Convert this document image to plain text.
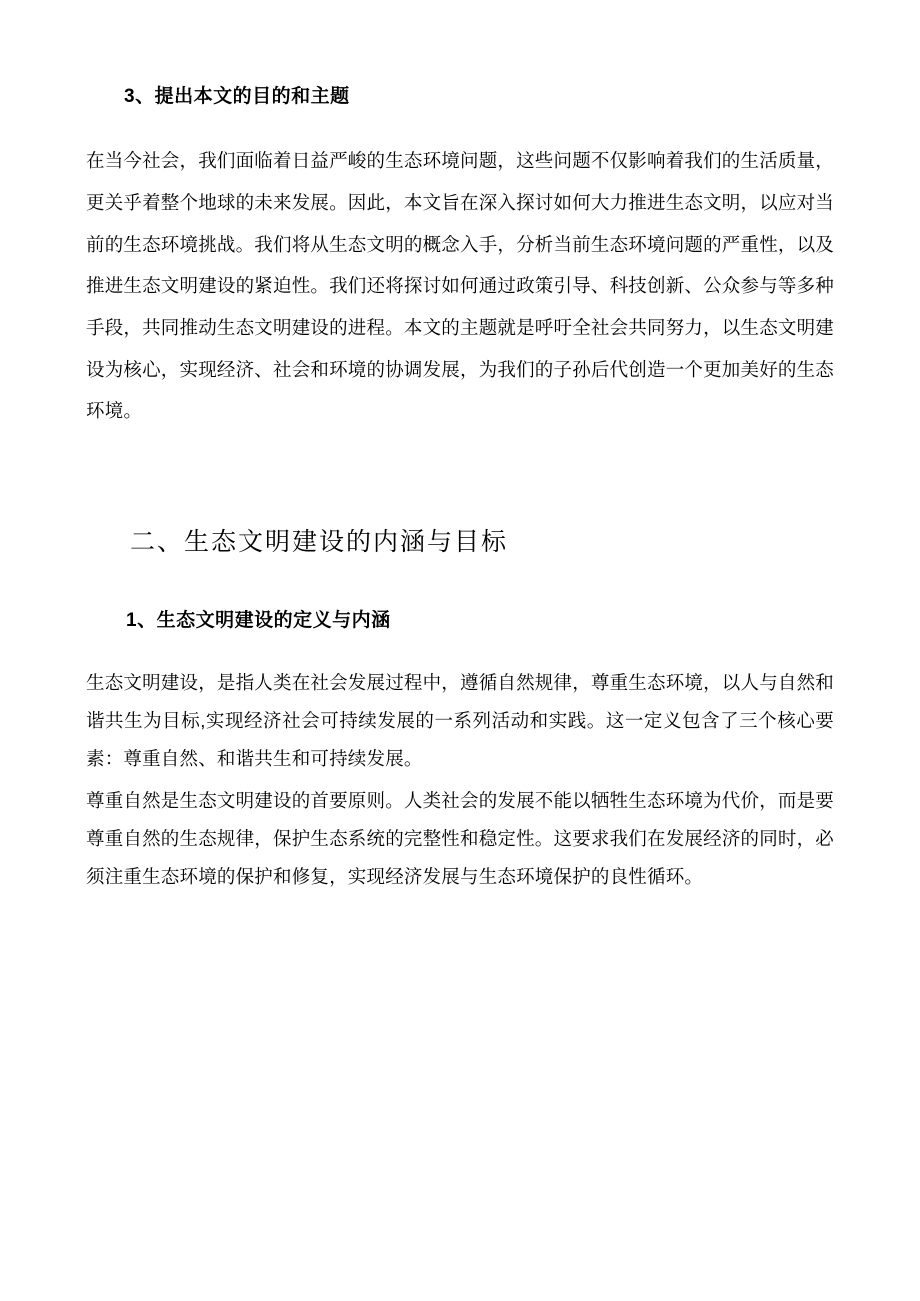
3、提出本文的目的和主题

在当今社会，我们面临着日益严峻的生态环境问题，这些问题不仅影响着我们的生活质量，更关乎着整个地球的未来发展。因此，本文旨在深入探讨如何大力推进生态文明，以应对当前的生态环境挑战。我们将从生态文明的概念入手，分析当前生态环境问题的严重性，以及推进生态文明建设的紧迫性。我们还将探讨如何通过政策引导、科技创新、公众参与等多种手段，共同推动生态文明建设的进程。本文的主题就是呼吁全社会共同努力，以生态文明建设为核心，实现经济、社会和环境的协调发展，为我们的子孙后代创造一个更加美好的生态环境。

二、生态文明建设的内涵与目标
1、生态文明建设的定义与内涵

生态文明建设，是指人类在社会发展过程中，遵循自然规律，尊重生态环境，以人与自然和谐共生为目标,实现经济社会可持续发展的一系列活动和实践。这一定义包含了三个核心要素：尊重自然、和谐共生和可持续发展。

尊重自然是生态文明建设的首要原则。人类社会的发展不能以牺牲生态环境为代价，而是要尊重自然的生态规律，保护生态系统的完整性和稳定性。这要求我们在发展经济的同时，必须注重生态环境的保护和修复，实现经济发展与生态环境保护的良性循环。
